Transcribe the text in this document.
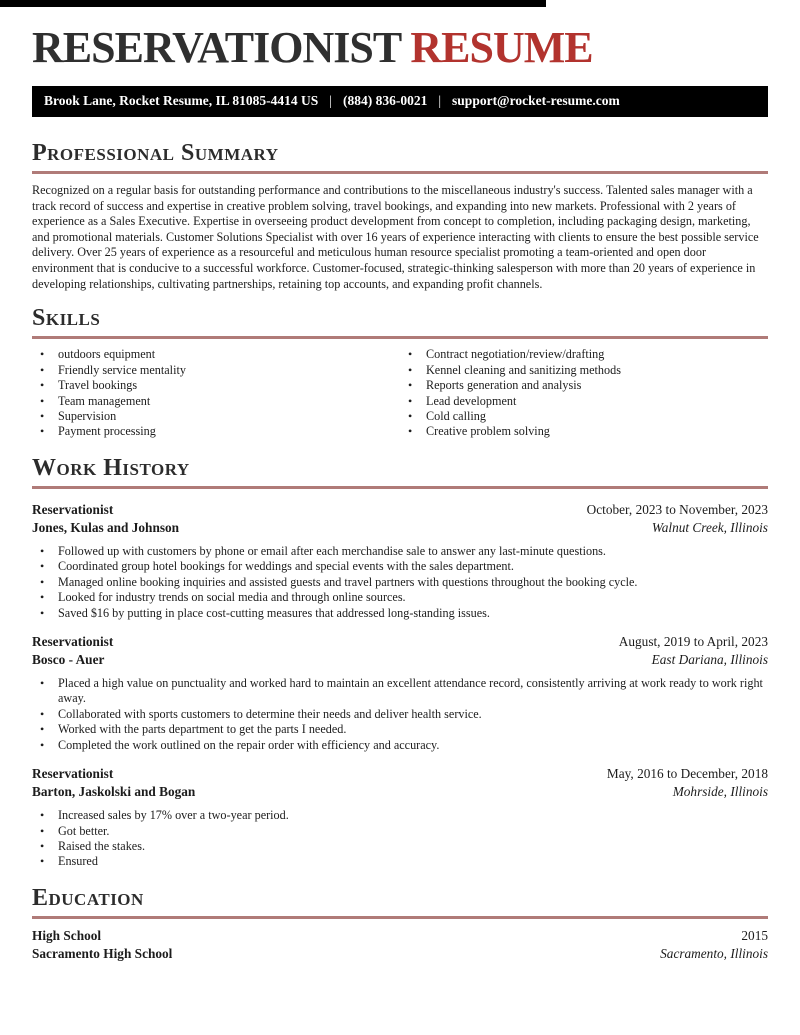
RESERVATIONIST RESUME
Brook Lane, Rocket Resume, IL 81085-4414 US | (884) 836-0021 | support@rocket-resume.com
Professional Summary

Recognized on a regular basis for outstanding performance and contributions to the miscellaneous industry's success. Talented sales manager with a track record of success and expertise in creative problem solving, travel bookings, and expanding into new markets. Professional with 2 years of experience as a Sales Executive. Expertise in overseeing product development from concept to completion, including packaging design, marketing, and promotional materials. Customer Solutions Specialist with over 16 years of experience interacting with clients to ensure the best possible service delivery. Over 25 years of experience as a resourceful and meticulous human resource specialist promoting a team-oriented and open door environment that is conducive to a successful workforce. Customer-focused, strategic-thinking salesperson with more than 20 years of experience in developing relationships, cultivating partnerships, retaining top accounts, and expanding profit channels.

Skills
• outdoors equipment
• Friendly service mentality
• Travel bookings
• Team management
• Supervision
• Payment processing
• Contract negotiation/review/drafting
• Kennel cleaning and sanitizing methods
• Reports generation and analysis
• Lead development
• Cold calling
• Creative problem solving
Work History
Reservationist	October, 2023 to November, 2023
Jones, Kulas and Johnson	Walnut Creek, Illinois
• Followed up with customers by phone or email after each merchandise sale to answer any last-minute questions.
• Coordinated group hotel bookings for weddings and special events with the sales department.
• Managed online booking inquiries and assisted guests and travel partners with questions throughout the booking cycle.
• Looked for industry trends on social media and through online sources.
• Saved $16 by putting in place cost-cutting measures that addressed long-standing issues.
Reservationist	August, 2019 to April, 2023
Bosco - Auer	East Dariana, Illinois
• Placed a high value on punctuality and worked hard to maintain an excellent attendance record, consistently arriving at work ready to work right away.
• Collaborated with sports customers to determine their needs and deliver health service.
• Worked with the parts department to get the parts I needed.
• Completed the work outlined on the repair order with efficiency and accuracy.
Reservationist	May, 2016 to December, 2018
Barton, Jaskolski and Bogan	Mohrside, Illinois
• Increased sales by 17% over a two-year period.
• Got better.
• Raised the stakes.
• Ensured
Education
High School	2015
Sacramento High School	Sacramento, Illinois
